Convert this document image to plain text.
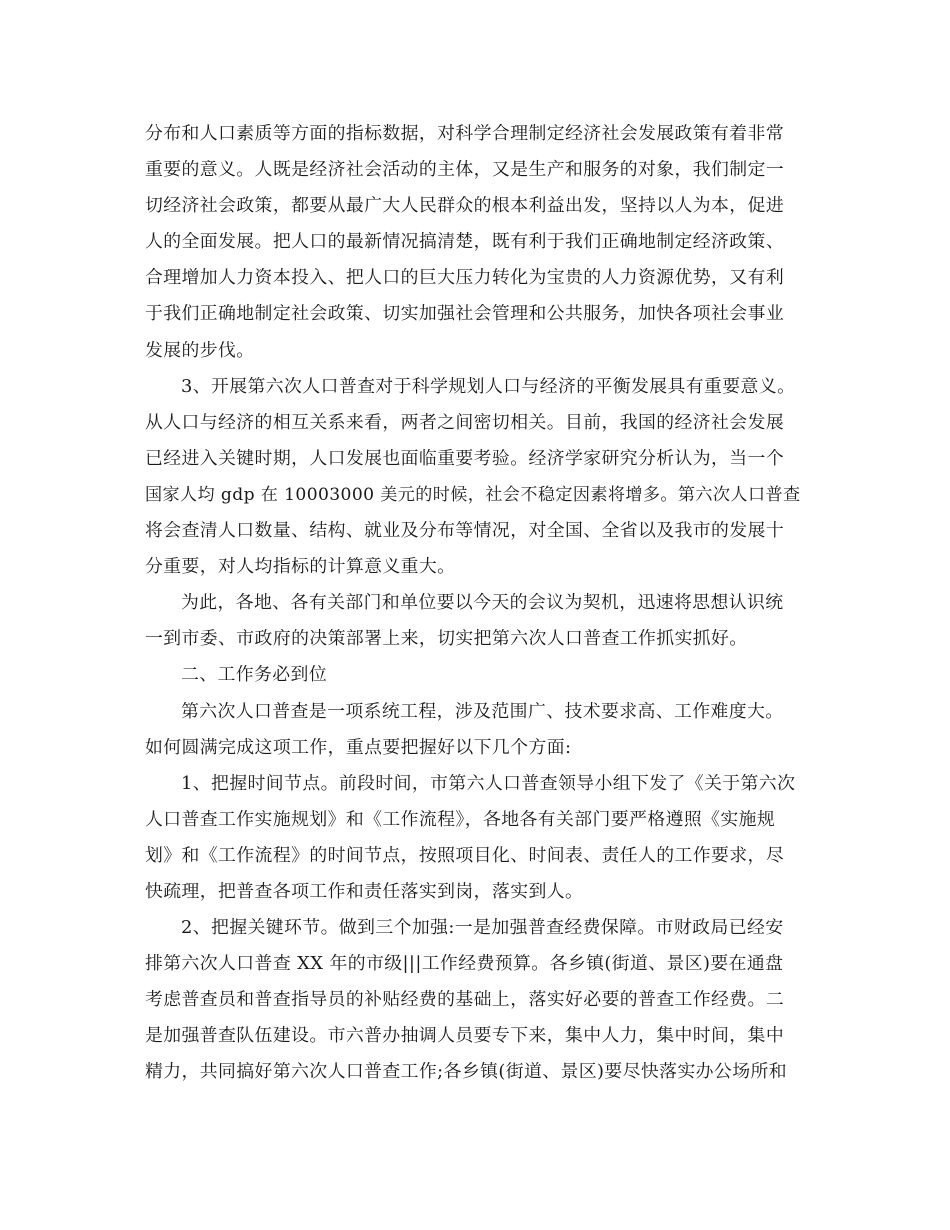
分布和人口素质等方面的指标数据，对科学合理制定经济社会发展政策有着非常
重要的意义。人既是经济社会活动的主体，又是生产和服务的对象，我们制定一
切经济社会政策，都要从最广大人民群众的根本利益出发，坚持以人为本，促进
人的全面发展。把人口的最新情况搞清楚，既有利于我们正确地制定经济政策、
合理增加人力资本投入、把人口的巨大压力转化为宝贵的人力资源优势，又有利
于我们正确地制定社会政策、切实加强社会管理和公共服务，加快各项社会事业
发展的步伐。
3、开展第六次人口普查对于科学规划人口与经济的平衡发展具有重要意义。
从人口与经济的相互关系来看，两者之间密切相关。目前，我国的经济社会发展
已经进入关键时期，人口发展也面临重要考验。经济学家研究分析认为，当一个
国家人均 gdp 在 10003000 美元的时候，社会不稳定因素将增多。第六次人口普查
将会查清人口数量、结构、就业及分布等情况，对全国、全省以及我市的发展十
分重要，对人均指标的计算意义重大。
为此，各地、各有关部门和单位要以今天的会议为契机，迅速将思想认识统
一到市委、市政府的决策部署上来，切实把第六次人口普查工作抓实抓好。
二、工作务必到位
第六次人口普查是一项系统工程，涉及范围广、技术要求高、工作难度大。
如何圆满完成这项工作，重点要把握好以下几个方面:
1、把握时间节点。前段时间，市第六人口普查领导小组下发了《关于第六次
人口普查工作实施规划》和《工作流程》，各地各有关部门要严格遵照《实施规
划》和《工作流程》的时间节点，按照项目化、时间表、责任人的工作要求，尽
快疏理，把普查各项工作和责任落实到岗，落实到人。
2、把握关键环节。做到三个加强:一是加强普查经费保障。市财政局已经安
排第六次人口普查 XX 年的市级|||工作经费预算。各乡镇(街道、景区)要在通盘
考虑普查员和普查指导员的补贴经费的基础上，落实好必要的普查工作经费。二
是加强普查队伍建设。市六普办抽调人员要专下来，集中人力，集中时间，集中
精力，共同搞好第六次人口普查工作;各乡镇(街道、景区)要尽快落实办公场所和
